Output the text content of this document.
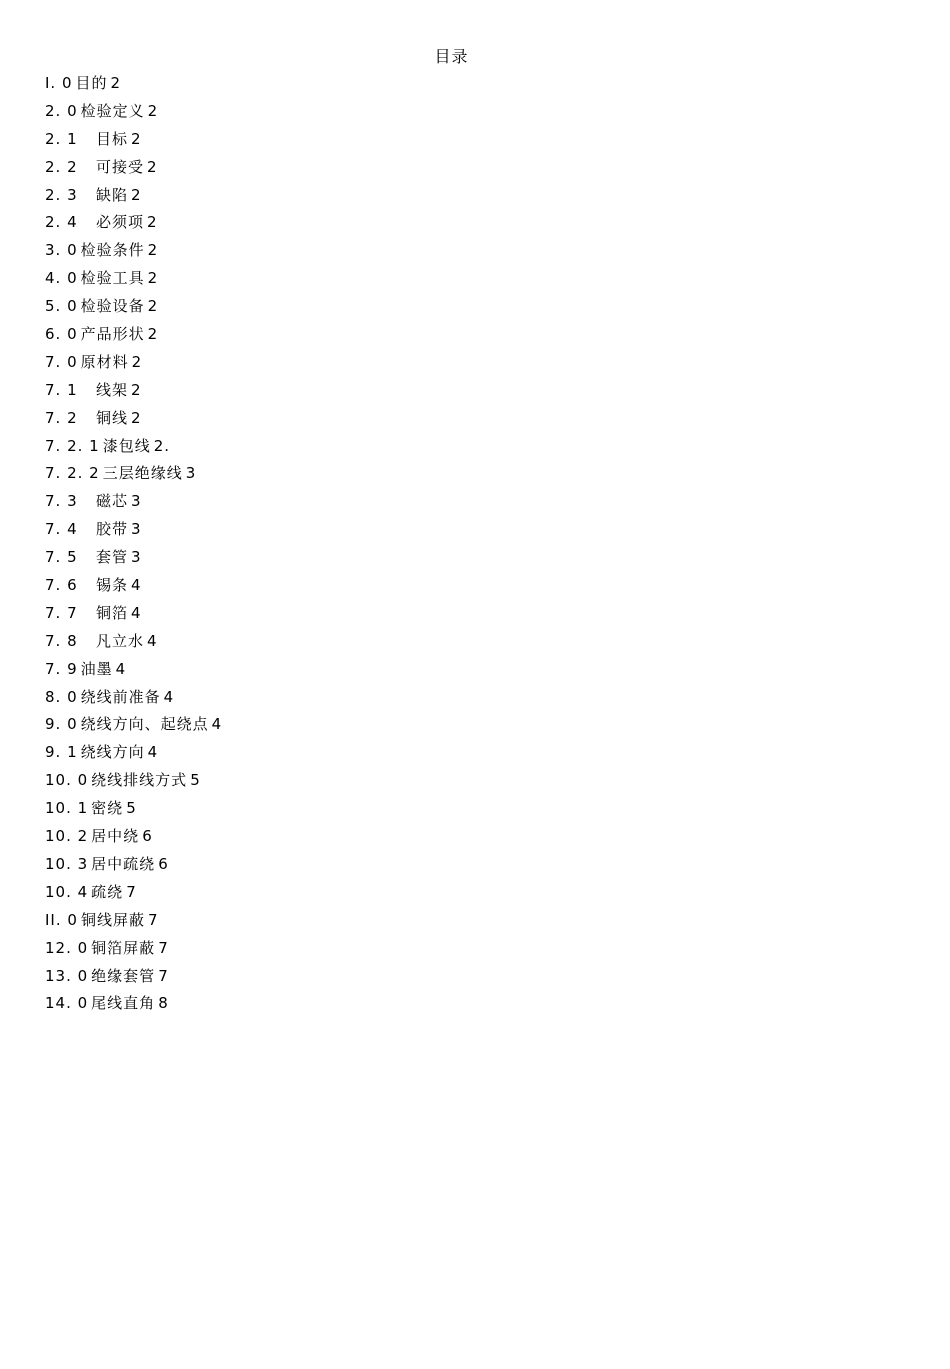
目录
I. 0 目的 2
2. 0 检验定义 2
2. 1 目标 2
2. 2 可接受 2
2. 3 缺陷 2
2. 4 必须项 2
3. 0 检验条件 2
4. 0 检验工具 2
5. 0 检验设备 2
6. 0 产品形状 2
7. 0 原材料 2
7. 1 线架 2
7. 2 铜线 2
7. 2. 1 漆包线 2.
7. 2. 2 三层绝缘线 3
7. 3 磁芯 3
7. 4 胶带 3
7. 5 套管 3
7. 6 锡条 4
7. 7 铜箔 4
7. 8 凡立水 4
7. 9 油墨 4
8. 0 绕线前准备 4
9. 0 绕线方向、起绕点 4
9. 1 绕线方向 4
10. 0 绕线排线方式 5
10. 1 密绕 5
10. 2 居中绕 6
10. 3 居中疏绕 6
10. 4 疏绕 7
II. 0 铜线屏蔽 7
12. 0 铜箔屏蔽 7
13. 0 绝缘套管 7
14. 0 尾线直角 8
